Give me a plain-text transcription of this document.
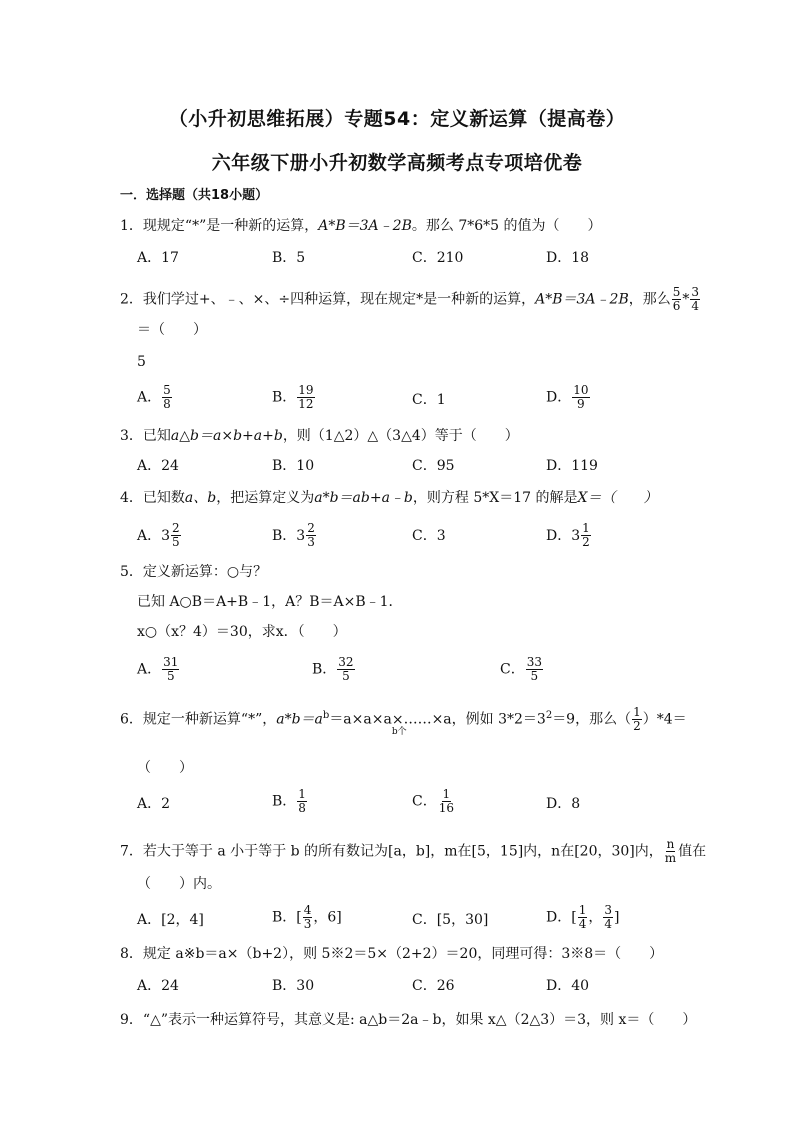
（小升初思维拓展）专题54：定义新运算（提高卷）
六年级下册小升初数学高频考点专项培优卷
一．选择题（共18小题）
1．现规定“*”是一种新的运算，A*B＝3A﹣2B。那么 7*6*5 的值为（　　）
A．17	B．5	C．210	D．18
2．我们学过+、﹣、×、÷四种运算，现在规定*是一种新的运算，A*B＝3A﹣2B，那么 $\frac{5}{6} * \frac{3}{4}$
＝（　　）
5
A． $\frac{5}{8}$	B． $\frac{19}{12}$	C．1	D． $\frac{10}{9}$
3．已知a△b＝a×b+a+b，则（1△2）△（3△4）等于（　　）
A．24	B．10	C．95	D．119
4．已知数a、b，把运算定义为a*b＝ab+a﹣b，则方程 5*X＝17 的解是X＝（　　）
A．$3 \frac{2}{5}$	B．$3 \frac{2}{3}$	C．3	D．$3 \frac{1}{2}$
5．定义新运算：○与？
已知 A○B＝A+B﹣1，A？B＝A×B﹣1．
x○（x？4）＝30，求x．（　　）
A． $\frac{31}{5}$	B． $\frac{32}{5}$	C． $\frac{33}{5}$
6．规定一种新运算“*”，$a*b=a^b=a\times a\times a\times$
b个
……×a，例如 $3*2=3^2=9$，那么（ $\frac{1}{2} )*4=$
（　　）
A．2	B． $\frac{1}{8}$	C． $\frac{1}{16}$	D．8
7．若大于等于 a 小于等于 b 的所有数记为[a，b]，m在[5，15]内，n在[20，30]内， $\frac{n}{m}$ 值在
（　　）内。
A．[2，4]	B．[ $\frac{4}{3}$ ，6]	C．[5，30]	D．[ $\frac{1}{4}$ ， $\frac{3}{4}$ ]
8．规定 a※b＝a×（b+2），则 5※2＝5×（2+2）＝20，同理可得：3※8＝（　　）
A．24	B．30	C．26	D．40
9．“△”表示一种运算符号，其意义是: a△b＝2a﹣b，如果 x△（2△3）＝3，则 x＝（　　）
